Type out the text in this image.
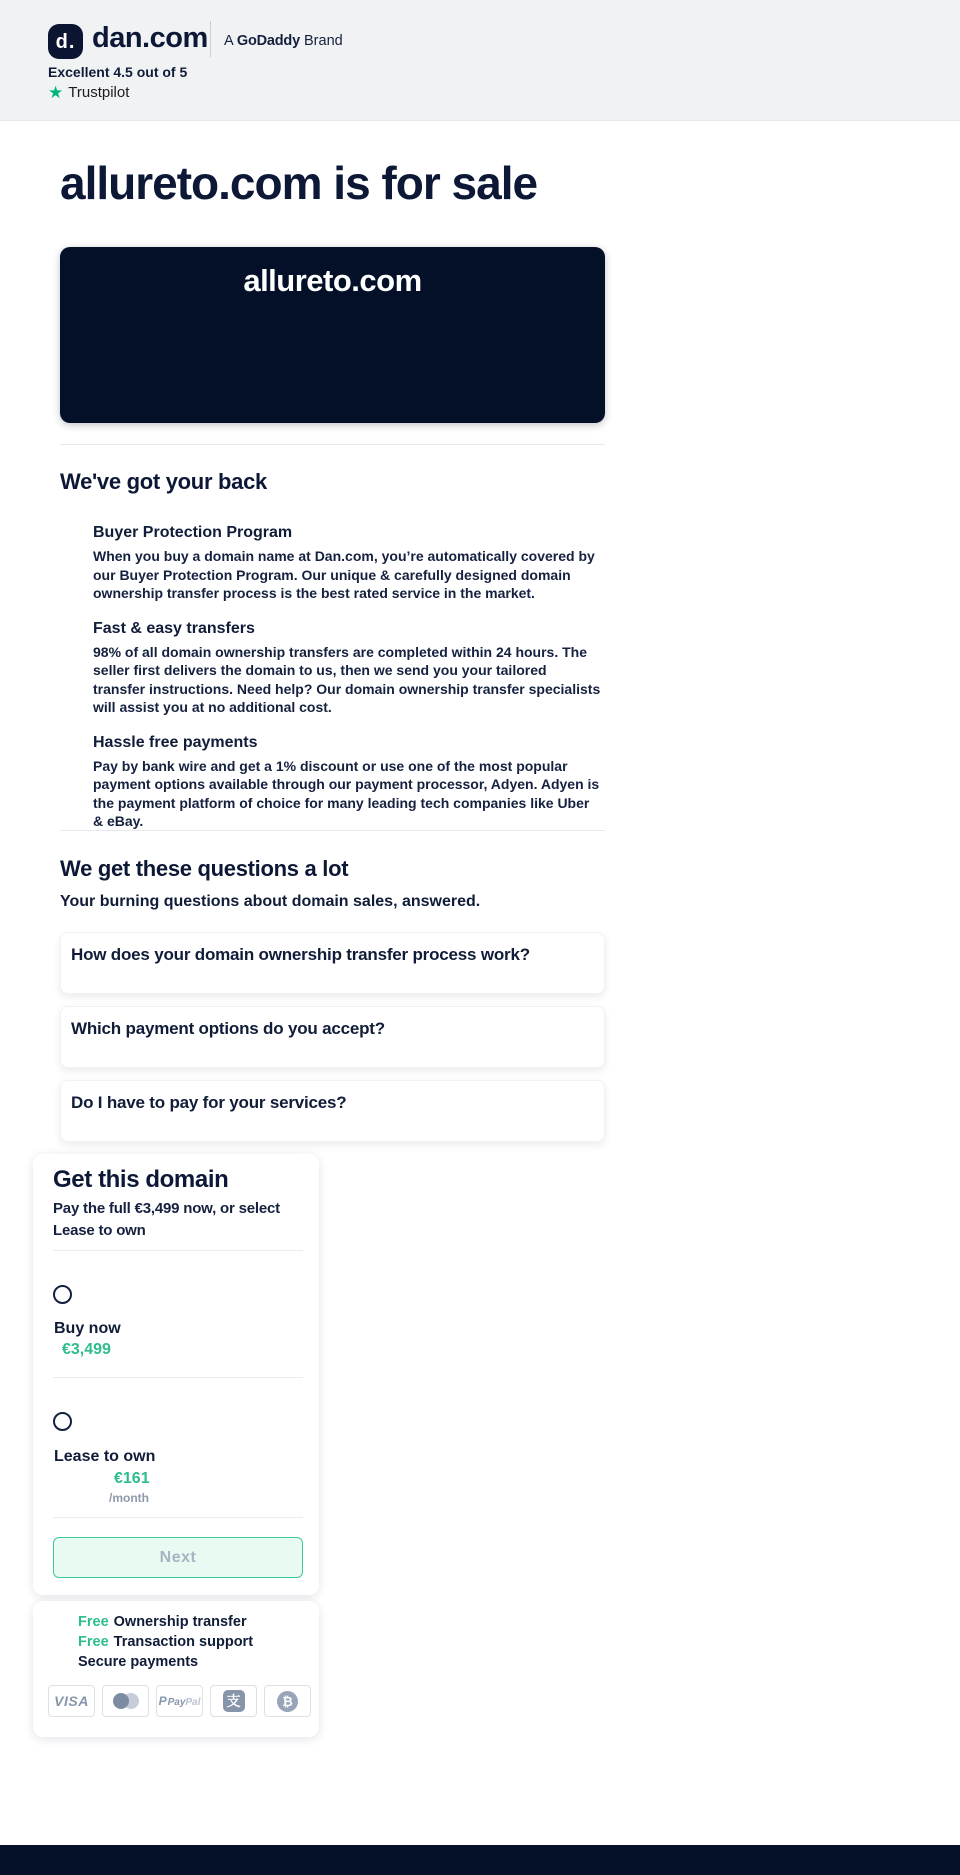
d. dan.com A GoDaddy Brand
Excellent 4.5 out of 5
★ Trustpilot
allureto.com is for sale
allureto.com
We've got your back
Buyer Protection Program
When you buy a domain name at Dan.com, you’re automatically covered by our Buyer Protection Program. Our unique & carefully designed domain ownership transfer process is the best rated service in the market.
Fast & easy transfers
98% of all domain ownership transfers are completed within 24 hours. The seller first delivers the domain to us, then we send you your tailored transfer instructions. Need help? Our domain ownership transfer specialists will assist you at no additional cost.
Hassle free payments
Pay by bank wire and get a 1% discount or use one of the most popular payment options available through our payment processor, Adyen. Adyen is the payment platform of choice for many leading tech companies like Uber & eBay.
We get these questions a lot
Your burning questions about domain sales, answered.
How does your domain ownership transfer process work?
Which payment options do you accept?
Do I have to pay for your services?
Get this domain
Pay the full €3,499 now, or select Lease to own
Buy now
€3,499
Lease to own
€161
/month
Next
Free Ownership transfer
Free Transaction support
Secure payments
VISA	PPayPal 支	₿
